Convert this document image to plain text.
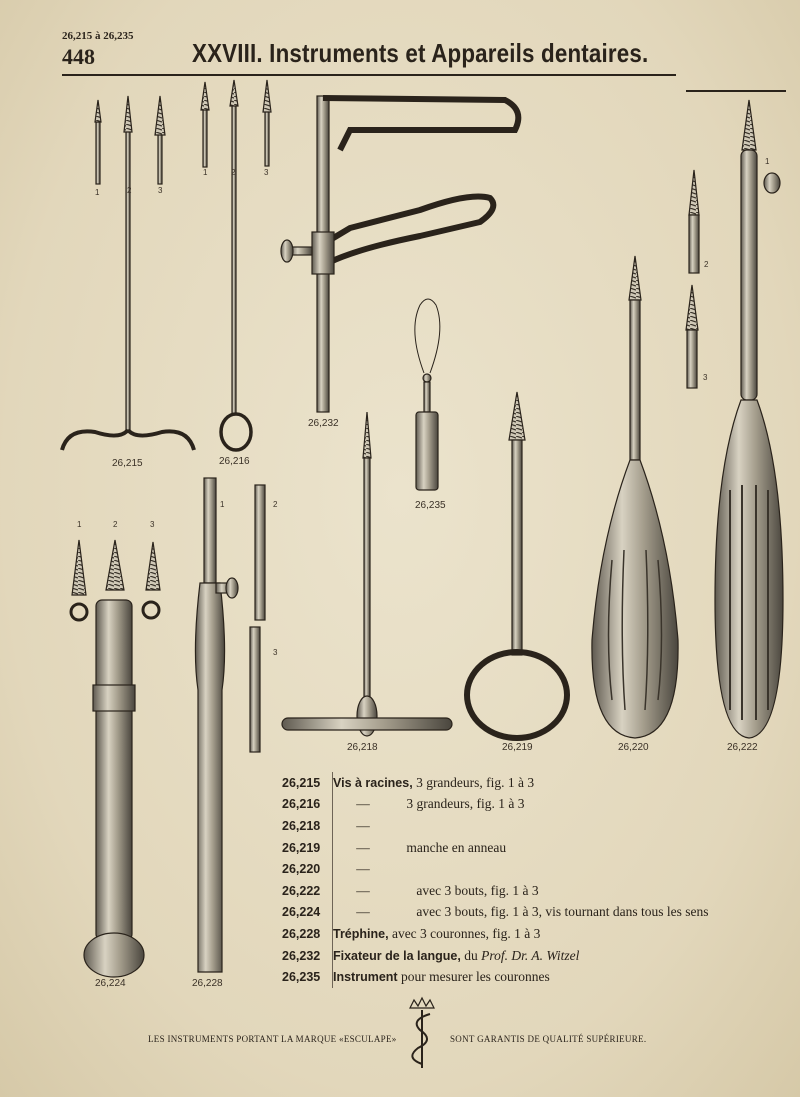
26,215 à 26,235
448	XXVIII. Instruments et Appareils dentaires.
26,215	26,216
26,232
26,235
26,218	26,219	26,220	26,222
26,224	26,228
1	2	3
1	2	3
1
2
3
1	2	3
1	2
3
26,215	Vis à racines, 3 grandeurs, fig. 1 à 3
26,216	— 3 grandeurs, fig. 1 à 3
26,218	—
26,219	— manche en anneau
26,220	—
26,222	— avec 3 bouts, fig. 1 à 3
26,224	— avec 3 bouts, fig. 1 à 3, vis tournant dans tous les sens
26,228	Tréphine, avec 3 couronnes, fig. 1 à 3
26,232	Fixateur de la langue, du Prof. Dr. A. Witzel
26,235	Instrument pour mesurer les couronnes
LES INSTRUMENTS PORTANT LA MARQUE «ESCULAPE»	SONT GARANTIS DE QUALITÉ SUPÉRIEURE.
